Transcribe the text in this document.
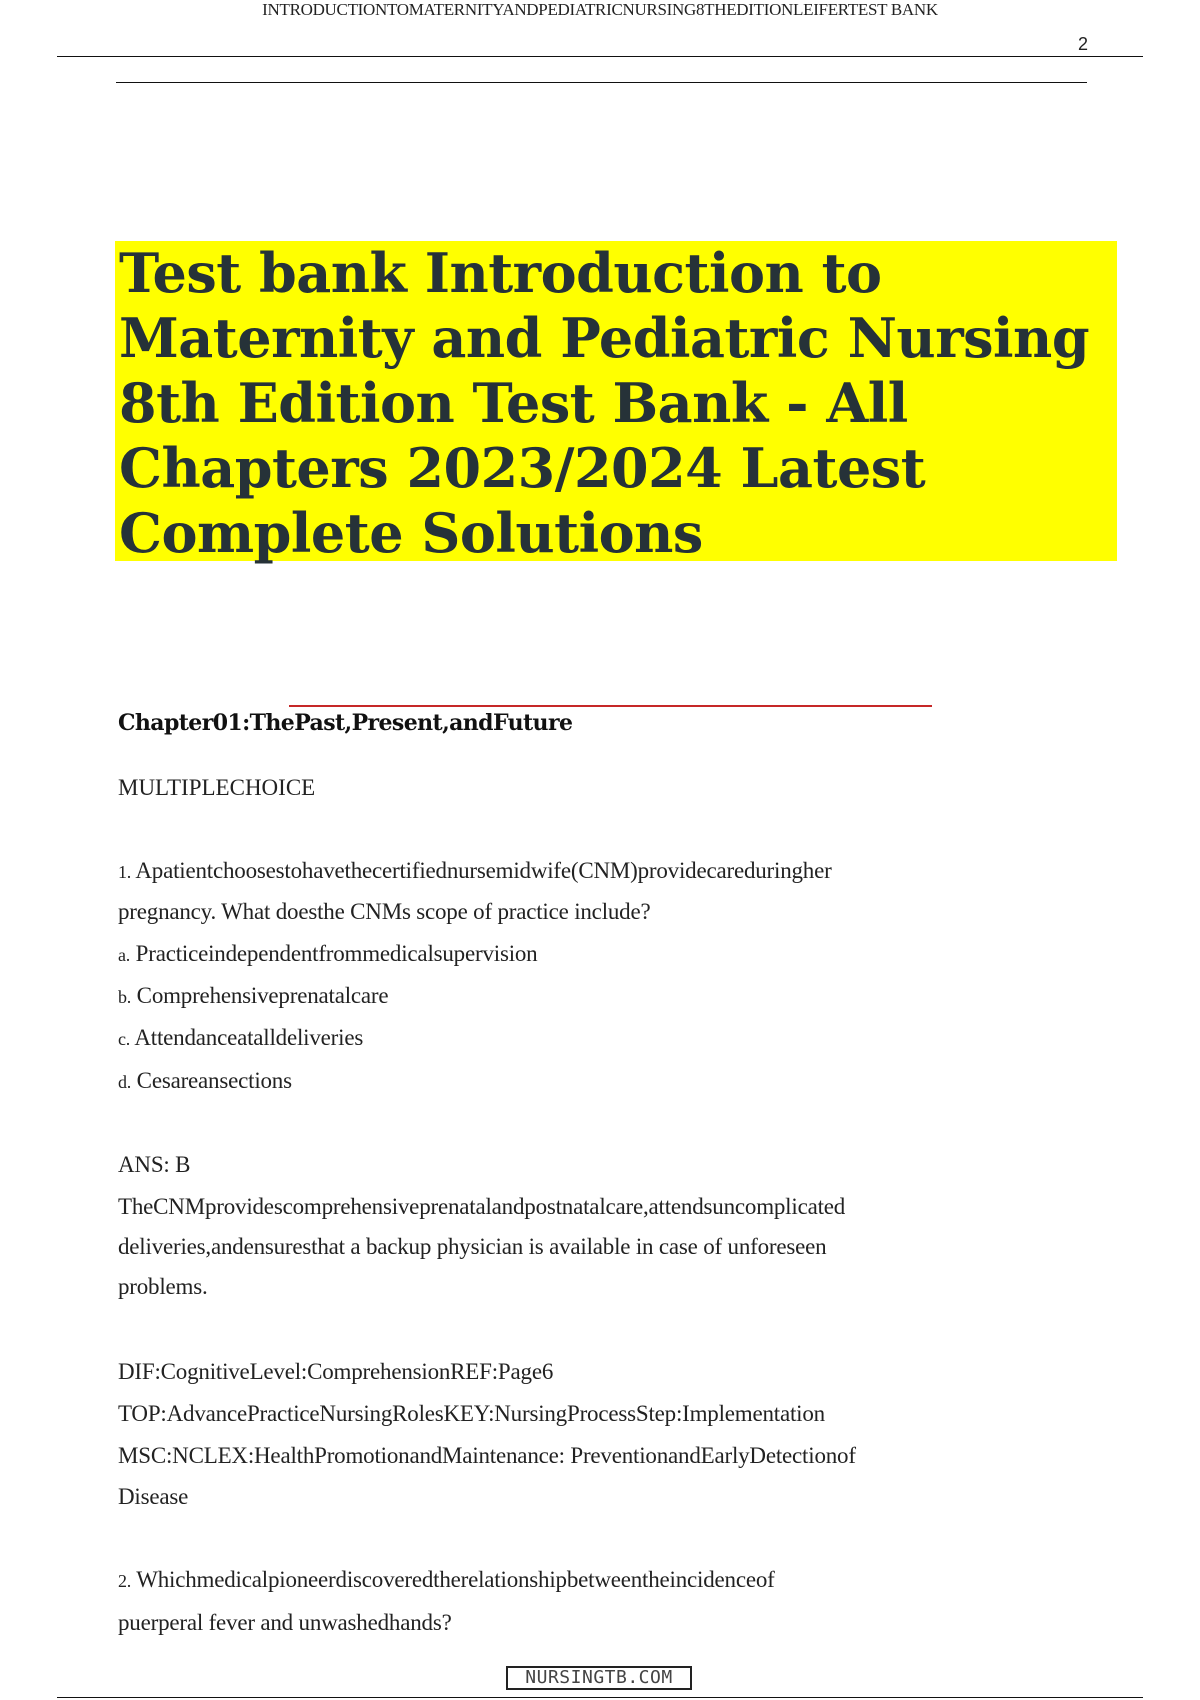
INTRODUCTIONTOMATERNITYANDPEDIATRICNURSING8THEDITIONLEIFERTEST BANK
2

Test bank Introduction to

Maternity and Pediatric Nursing

8th Edition Test Bank - All

Chapters 2023/2024 Latest

Complete Solutions

Chapter01:ThePast,Present,andFuture
MULTIPLECHOICE
1. Apatientchoosestohavethecertifiednursemidwife(CNM)providecareduringher
pregnancy. What doesthe CNMs scope of practice include?
a. Practiceindependentfrommedicalsupervision
b. Comprehensiveprenatalcare
c. Attendanceatalldeliveries
d. Cesareansections
ANS: B
TheCNMprovidescomprehensiveprenatalandpostnatalcare,attendsuncomplicated
deliveries,andensuresthat a backup physician is available in case of unforeseen
problems.
DIF:CognitiveLevel:ComprehensionREF:Page6
TOP:AdvancePracticeNursingRolesKEY:NursingProcessStep:Implementation
MSC:NCLEX:HealthPromotionandMaintenance: PreventionandEarlyDetectionof
Disease
2. Whichmedicalpioneerdiscoveredtherelationshipbetweentheincidenceof
puerperal fever and unwashedhands?
NURSINGTB.COM
